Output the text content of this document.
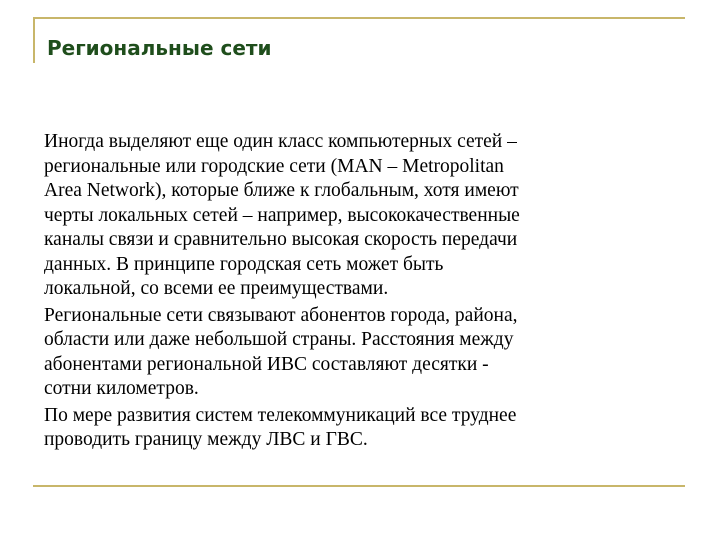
Региональные сети

Иногда выделяют еще один класс компьютерных сетей –
региональные или городские сети (MAN – Metropolitan
Area Network), которые ближе к глобальным, хотя имеют
черты локальных сетей – например, высококачественные
каналы связи и сравнительно высокая скорость передачи
данных. В принципе городская сеть может быть
локальной, со всеми ее преимуществами.

Региональные сети связывают абонентов города, района,
области или даже небольшой страны. Расстояния между
абонентами региональной ИВС составляют десятки -
сотни километров.

По мере развития систем телекоммуникаций все труднее
проводить границу между ЛВС и ГВС.
